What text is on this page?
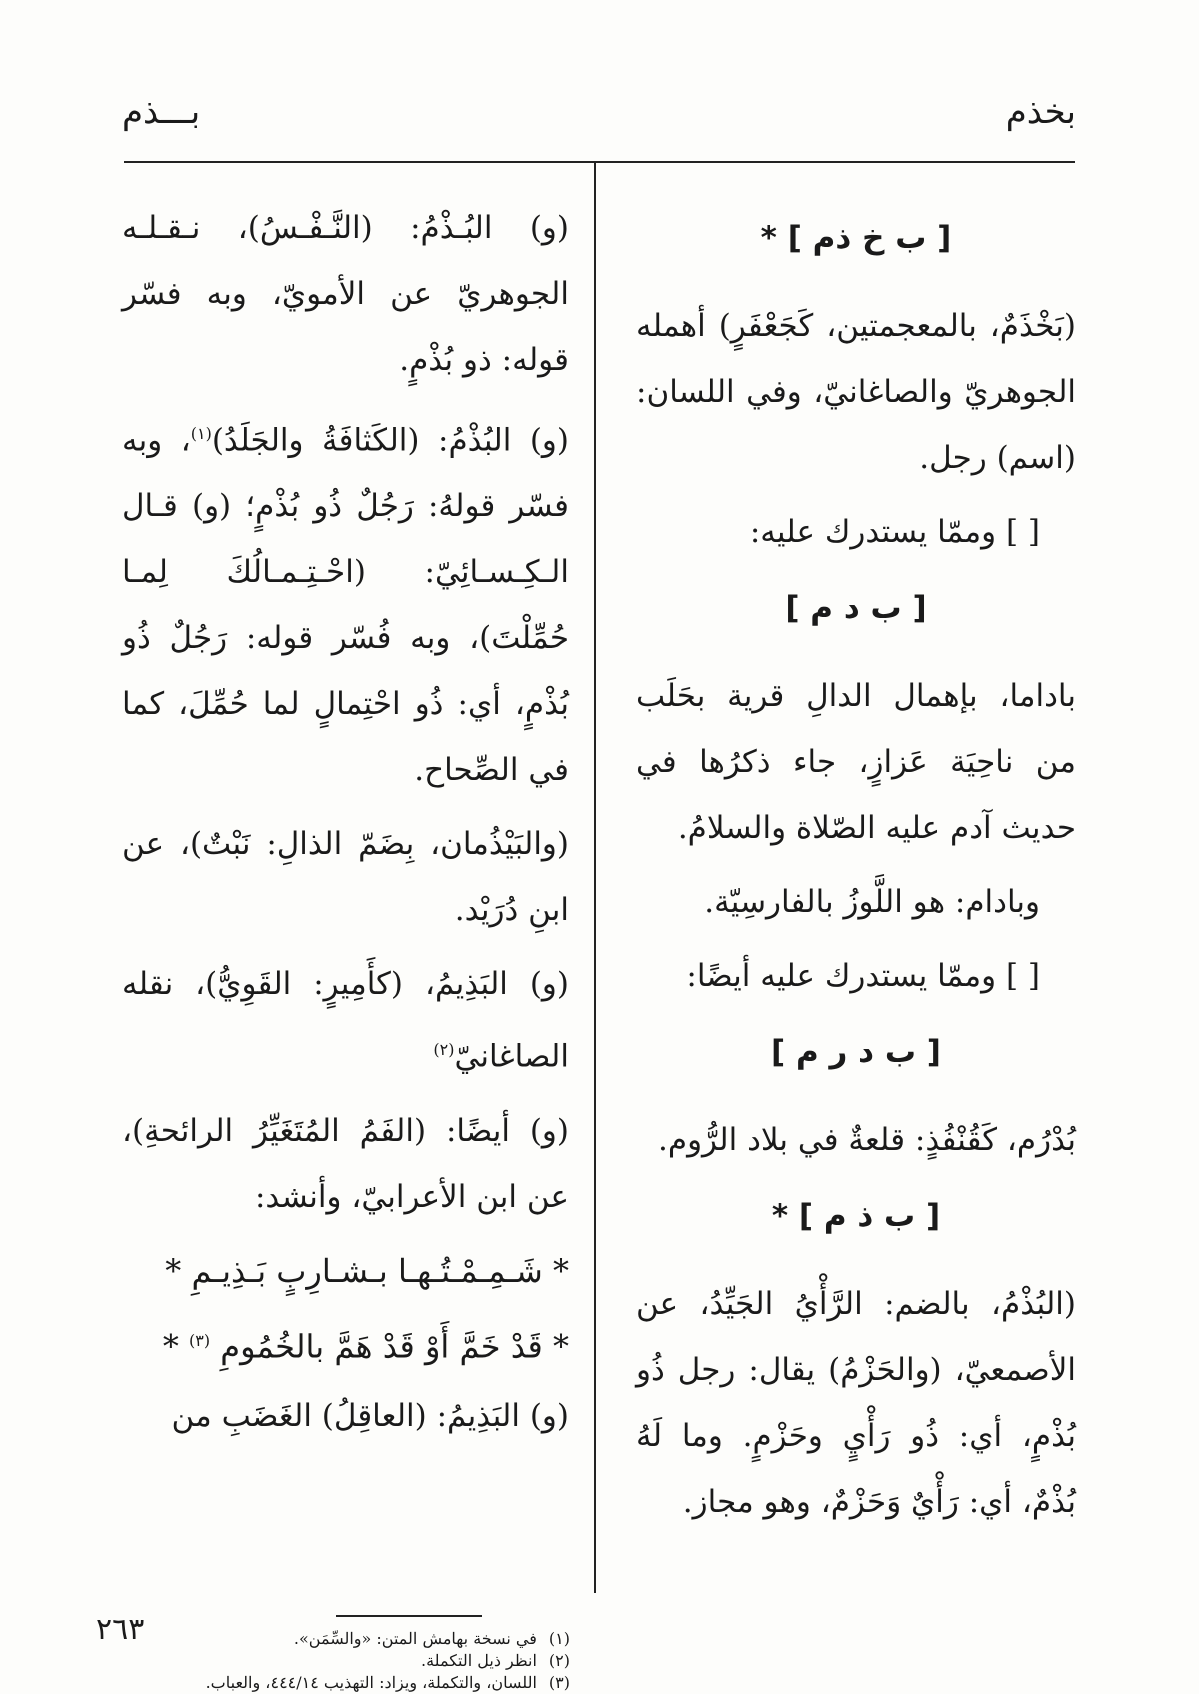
بخذم
بـــذم
[ ب خ ذم ] *

(بَخْذَمٌ، بالمعجمتين، كَجَعْفَرٍ) أهمله الجوهريّ والصاغانيّ، وفي اللسان: (اسم) رجل.

[ ] وممّا يستدرك عليه:

[ ب د م ]

باداما، بإهمال الدالِ قرية بحَلَب من ناحِيَة عَزازٍ، جاء ذكرُها في حديث آدم عليه الصّلاة والسلامُ.

وبادام: هو اللَّوزُ بالفارسِيّة.

[ ] وممّا يستدرك عليه أيضًا:

[ ب د ر م ]

بُدْرُم، كَقُنْفُذٍ: قلعةٌ في بلاد الرُّوم.

[ ب ذ م ] *

(البُذْمُ، بالضم: الرَّأْيُ الجَيِّدُ، عن الأصمعيّ، (والحَزْمُ) يقال: رجل ذُو بُذْمٍ، أي: ذُو رَأْيٍ وحَزْمٍ. وما لَهُ بُذْمٌ، أي: رَأْيٌ وَحَزْمٌ، وهو مجاز.

(و) البُـذْمُ: (النَّـفْـسُ)، نـقـلـه الجوهريّ عن الأمويّ، وبه فسّر قوله: ذو بُذْمٍ.

(و) البُذْمُ: (الكَثافَةُ والجَلَدُ)$^{(١)}$، وبه فسّر قولهُ: رَجُلٌ ذُو بُذْمٍ؛ (و) قـال الـكِـسـائِيّ: (احْـتِـمـالُكَ لِمـا حُمِّلْتَ)، وبه فُسّر قوله: رَجُلٌ ذُو بُذْمٍ، أي: ذُو احْتِمالٍ لما حُمِّلَ، كما في الصِّحاح.

(والبَيْذُمان، بِضَمّ الذالِ: نَبْتٌ)، عن ابنِ دُرَيْد.

(و) البَذِيمُ، (كأَمِيرٍ: القَوِيُّ)، نقله الصاغانيّ$^{(٢)}$

(و) أيضًا: (الفَمُ المُتَغَيِّرُ الرائحةِ)، عن ابن الأعرابيّ، وأنشد:

* شَـمِـمْـتُـهـا بـشـارِبٍ بَـذِيـمِ *
* قَدْ خَمَّ أَوْ قَدْ هَمَّ بالخُمُومِ $^{(٣)}$ *

(و) البَذِيمُ: (العاقِلُ) الغَضَبِ من

(١) في نسخة بهامش المتن: «والسِّمَن».
(٢) انظر ذيل التكملة.
(٣) اللسان، والتكملة، ويزاد: التهذيب ٤٤٤/١٤، والعباب.
٢٦٣
